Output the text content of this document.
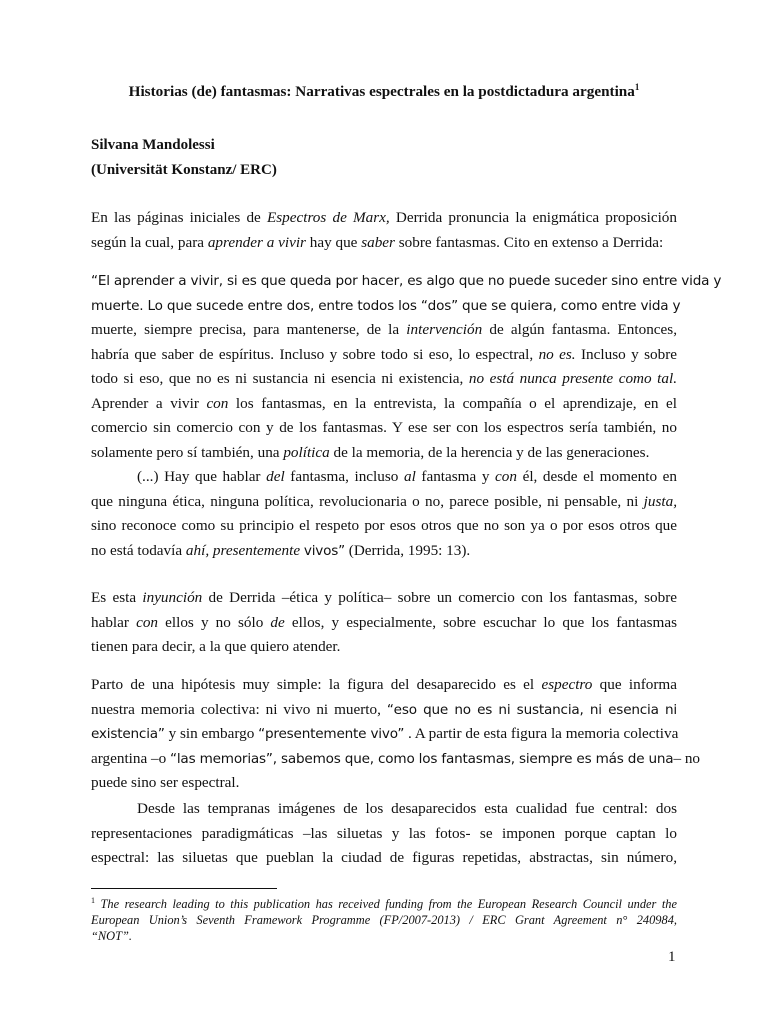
Historias (de) fantasmas: Narrativas espectrales en la postdictadura argentina$^1$
Silvana Mandolessi
(Universität Konstanz/ ERC)
En las páginas iniciales de Espectros de Marx, Derrida pronuncia la enigmática proposición
según la cual, para aprender a vivir hay que saber sobre fantasmas. Cito en extenso a Derrida:
“El aprender a vivir, si es que queda por hacer, es algo que no puede suceder sino entre vida y
muerte. Lo que sucede entre dos, entre todos los “dos” que se quiera, como entre vida y
muerte, siempre precisa, para mantenerse, de la intervención de algún fantasma. Entonces,
habría que saber de espíritus. Incluso y sobre todo si eso, lo espectral, no es. Incluso y sobre
todo si eso, que no es ni sustancia ni esencia ni existencia, no está nunca presente como tal.
Aprender a vivir con los fantasmas, en la entrevista, la compañía o el aprendizaje, en el
comercio sin comercio con y de los fantasmas. Y ese ser con los espectros sería también, no
solamente pero sí también, una política de la memoria, de la herencia y de las generaciones.
(...) Hay que hablar del fantasma, incluso al fantasma y con él, desde el momento en
que ninguna ética, ninguna política, revolucionaria o no, parece posible, ni pensable, ni justa,
sino reconoce como su principio el respeto por esos otros que no son ya o por esos otros que
no está todavía ahí, presentemente vivos” (Derrida, 1995: 13).
Es esta inyunción de Derrida –ética y política– sobre un comercio con los fantasmas, sobre
hablar con ellos y no sólo de ellos, y especialmente, sobre escuchar lo que los fantasmas
tienen para decir, a la que quiero atender.
Parto de una hipótesis muy simple: la figura del desaparecido es el espectro que informa
nuestra memoria colectiva: ni vivo ni muerto, “eso que no es ni sustancia, ni esencia ni
existencia” y sin embargo “presentemente vivo” . A partir de esta figura la memoria colectiva
argentina –o “las memorias”, sabemos que, como los fantasmas, siempre es más de una– no
puede sino ser espectral.
Desde las tempranas imágenes de los desaparecidos esta cualidad fue central: dos
representaciones paradigmáticas –las siluetas y las fotos- se imponen porque captan lo
espectral: las siluetas que pueblan la ciudad de figuras repetidas, abstractas, sin número,
$^1$ The research leading to this publication has received funding from the European Research Council under the
European Union’s Seventh Framework Programme (FP/2007-2013) / ERC Grant Agreement n° 240984,
“NOT”.
1
